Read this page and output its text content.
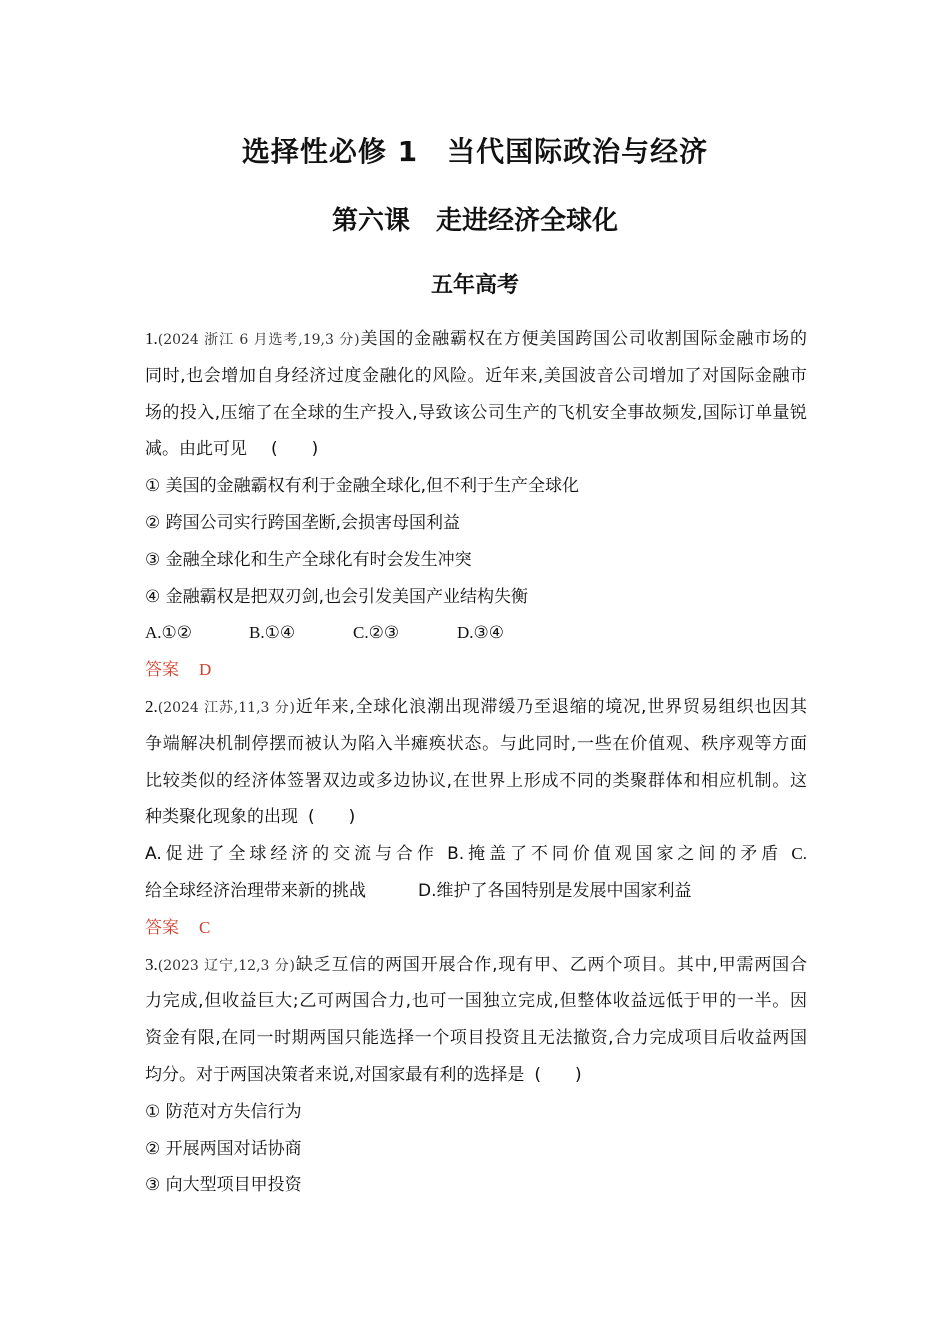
选择性必修 1　当代国际政治与经济
第六课　走进经济全球化
五年高考
1.(2024 浙江 6 月选考,19,3 分)美国的金融霸权在方便美国跨国公司收割国际金融市场的
同时,也会增加自身经济过度金融化的风险。近年来,美国波音公司增加了对国际金融市
场的投入,压缩了在全球的生产投入,导致该公司生产的飞机安全事故频发,国际订单量锐
减。由此可见 (　　)
① 美国的金融霸权有利于金融全球化,但不利于生产全球化
② 跨国公司实行跨国垄断,会损害母国利益
③ 金融全球化和生产全球化有时会发生冲突
④ 金融霸权是把双刃剑,也会引发美国产业结构失衡
A.①②	B.①④	C.②③	D.③④
答案 D
2.(2024 江苏,11,3 分)近年来,全球化浪潮出现滞缓乃至退缩的境况,世界贸易组织也因其
争端解决机制停摆而被认为陷入半瘫痪状态。与此同时,一些在价值观、秩序观等方面
比较类似的经济体签署双边或多边协议,在世界上形成不同的类聚群体和相应机制。这
种类聚化现象的出现 (　　)
A.促进了全球经济的交流与合作 B.掩盖了不同价值观国家之间的矛盾 C.
给全球经济治理带来新的挑战	D.维护了各国特别是发展中国家利益
答案 C
3.(2023 辽宁,12,3 分)缺乏互信的两国开展合作,现有甲、乙两个项目。其中,甲需两国合
力完成,但收益巨大;乙可两国合力,也可一国独立完成,但整体收益远低于甲的一半。因
资金有限,在同一时期两国只能选择一个项目投资且无法撤资,合力完成项目后收益两国
均分。对于两国决策者来说,对国家最有利的选择是 (　　)
① 防范对方失信行为
② 开展两国对话协商
③ 向大型项目甲投资
